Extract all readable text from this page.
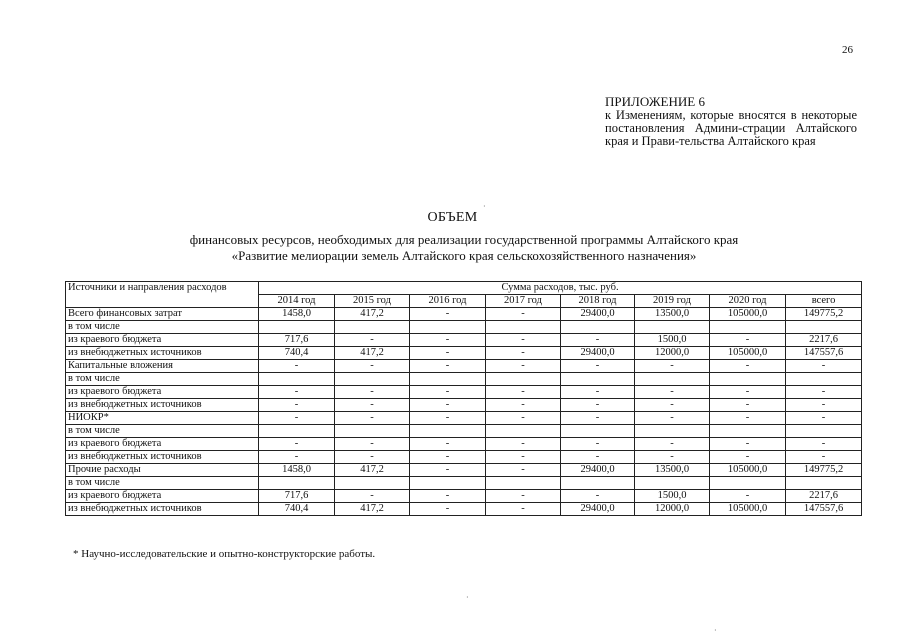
26
ПРИЛОЖЕНИЕ 6
к Изменениям, которые вносятся в некоторые постановления Админи-страции Алтайского края и Прави-тельства Алтайского края
ОБЪЕМ
финансовых ресурсов, необходимых для реализации государственной программы Алтайского края
«Развитие мелиорации земель Алтайского края сельскохозяйственного назначения»
Источники и направления расходов	Сумма расходов, тыс. руб.							
	2014 год	2015 год	2016 год	2017 год	2018 год	2019 год	2020 год	всего
Всего финансовых затрат	1458,0	417,2	-	-	29400,0	13500,0	105000,0	149775,2
в том числе								
из краевого бюджета	717,6	-	-	-	-	1500,0	-	2217,6
из внебюджетных источников	740,4	417,2	-	-	29400,0	12000,0	105000,0	147557,6
Капитальные вложения	-	-	-	-	-	-	-	-
в том числе								
из краевого бюджета	-	-	-	-	-	-	-	-
из внебюджетных источников	-	-	-	-	-	-	-	-
НИОКР*	-	-	-	-	-	-	-	-
в том числе								
из краевого бюджета	-	-	-	-	-	-	-	-
из внебюджетных источников	-	-	-	-	-	-	-	-
Прочие расходы	1458,0	417,2	-	-	29400,0	13500,0	105000,0	149775,2
в том числе								
из краевого бюджета	717,6	-	-	-	-	1500,0	-	2217,6
из внебюджетных источников	740,4	417,2	-	-	29400,0	12000,0	105000,0	147557,6
* Научно-исследовательские и опытно-конструкторские работы.
·
·
·
